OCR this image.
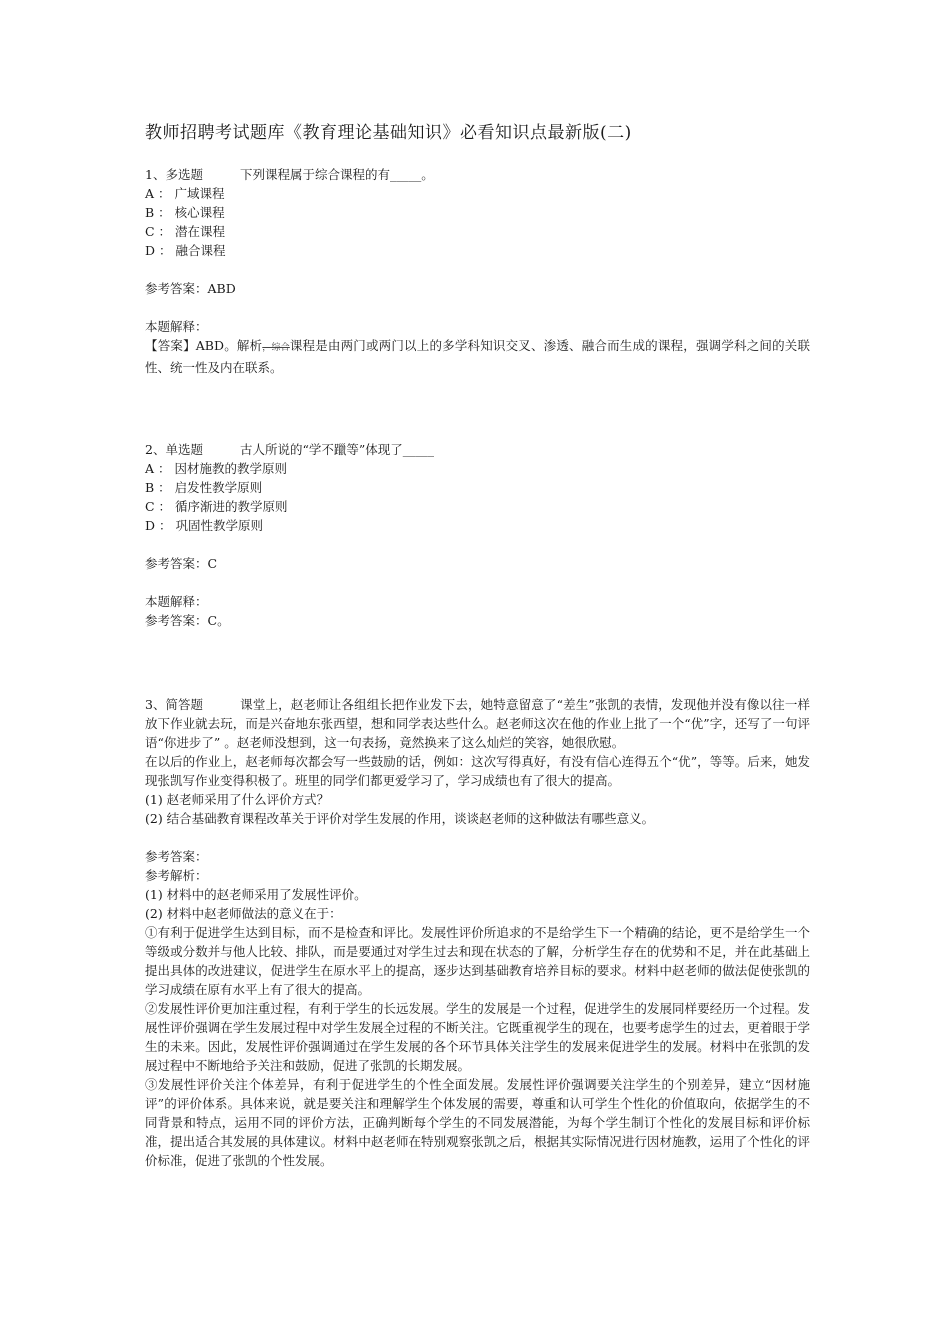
教师招聘考试题库《教育理论基础知识》必看知识点最新版(二)
1、多选题	下列课程属于综合课程的有_____。
A ： 广域课程
B ： 核心课程
C ： 潜在课程
D ： 融合课程
参考答案：ABD
本题解释：
【答案】ABD。解析，综合课程是由两门或两门以上的多学科知识交叉、渗透、融合而生成的课程，强调学科之间的关联性、统一性及内在联系。
2、单选题	古人所说的“学不躐等”体现了_____
A ： 因材施教的教学原则
B ： 启发性教学原则
C ： 循序渐进的教学原则
D ： 巩固性教学原则
参考答案：C
本题解释：
参考答案：C。
3、简答题	课堂上，赵老师让各组组长把作业发下去，她特意留意了“差生”张凯的表情，发现他并没有像以往一样放下作业就去玩，而是兴奋地东张西望，想和同学表达些什么。赵老师这次在他的作业上批了一个“优”字，还写了一句评语“你进步了” 。赵老师没想到，这一句表扬，竟然换来了这么灿烂的笑容，她很欣慰。
在以后的作业上，赵老师每次都会写一些鼓励的话，例如：这次写得真好，有没有信心连得五个“优”，等等。后来，她发现张凯写作业变得积极了。班里的同学们都更爱学习了，学习成绩也有了很大的提高。
(1) 赵老师采用了什么评价方式？
(2) 结合基础教育课程改革关于评价对学生发展的作用，谈谈赵老师的这种做法有哪些意义。
参考答案：
参考解析：
(1) 材料中的赵老师采用了发展性评价。
(2) 材料中赵老师做法的意义在于：
①有利于促进学生达到目标，而不是检查和评比。发展性评价所追求的不是给学生下一个精确的结论，更不是给学生一个等级或分数并与他人比较、排队，而是要通过对学生过去和现在状态的了解，分析学生存在的优势和不足，并在此基础上提出具体的改进建议，促进学生在原水平上的提高，逐步达到基础教育培养目标的要求。材料中赵老师的做法促使张凯的学习成绩在原有水平上有了很大的提高。
②发展性评价更加注重过程，有利于学生的长远发展。学生的发展是一个过程，促进学生的发展同样要经历一个过程。发展性评价强调在学生发展过程中对学生发展全过程的不断关注。它既重视学生的现在，也要考虑学生的过去，更着眼于学生的未来。因此，发展性评价强调通过在学生发展的各个环节具体关注学生的发展来促进学生的发展。材料中在张凯的发展过程中不断地给予关注和鼓励，促进了张凯的长期发展。
③发展性评价关注个体差异，有利于促进学生的个性全面发展。发展性评价强调要关注学生的个别差异，建立“因材施评”的评价体系。具体来说，就是要关注和理解学生个体发展的需要，尊重和认可学生个性化的价值取向，依据学生的不同背景和特点，运用不同的评价方法，正确判断每个学生的不同发展潜能，为每个学生制订个性化的发展目标和评价标准，提出适合其发展的具体建议。材料中赵老师在特别观察张凯之后，根据其实际情况进行因材施教，运用了个性化的评价标准，促进了张凯的个性发展。
